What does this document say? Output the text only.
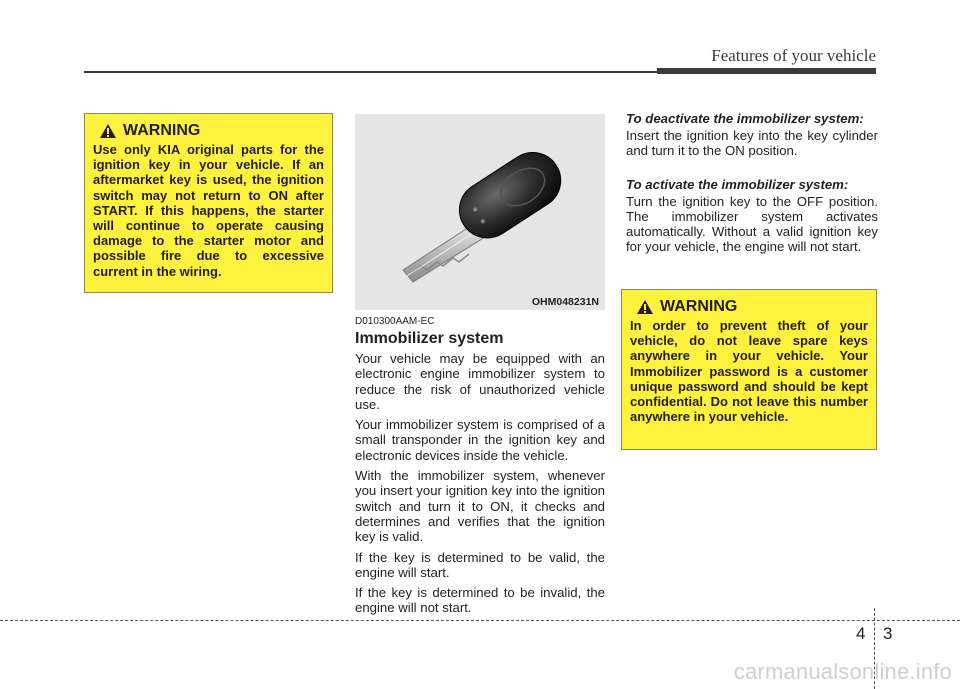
Features of your vehicle
WARNING
Use only KIA original parts for the ignition key in your vehicle. If an aftermarket key is used, the ignition switch may not return to ON after START. If this happens, the starter will continue to operate causing damage to the starter motor and possible fire due to excessive current in the wiring.
OHM048231N
D010300AAM-EC
Immobilizer system

Your vehicle may be equipped with an electronic engine immobilizer system to reduce the risk of unauthorized vehicle use.

Your immobilizer system is comprised of a small transponder in the ignition key and electronic devices inside the vehicle.

With the immobilizer system, whenever you insert your ignition key into the ignition switch and turn it to ON, it checks and determines and verifies that the ignition key is valid.

If the key is determined to be valid, the engine will start.

If the key is determined to be invalid, the engine will not start.

To deactivate the immobilizer system:

Insert the ignition key into the key cylinder and turn it to the ON position.

To activate the immobilizer system:

Turn the ignition key to the OFF position. The immobilizer system activates automatically. Without a valid ignition key for your vehicle, the engine will not start.

WARNING
In order to prevent theft of your vehicle, do not leave spare keys anywhere in your vehicle. Your Immobilizer password is a customer unique password and should be kept confidential. Do not leave this number anywhere in your vehicle.
4 3
carmanualsonline.info
